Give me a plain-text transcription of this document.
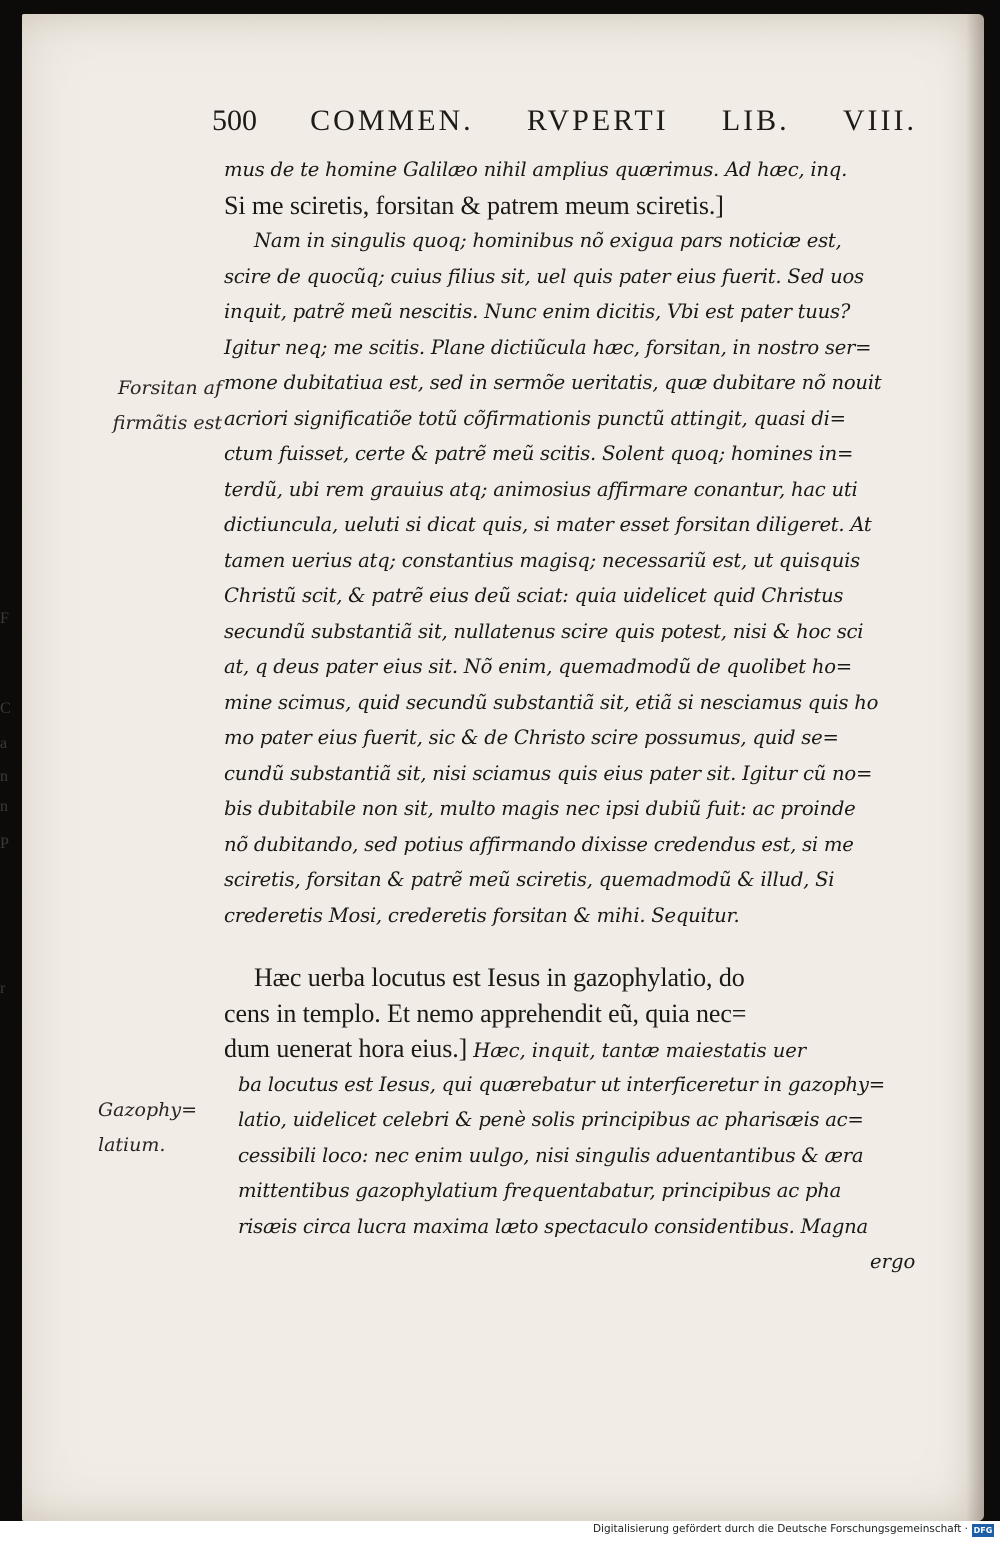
F
C
a
n
n
P
r
500 COMMEN. RVPERTI LIB. VIII.
mus de te homine Galilæo nihil amplius quærimus. Ad hæc, inq.
Si me sciretis, forsitan & patrem meum sciretis.]
Nam in singulis quoq; hominibus nõ exigua pars noticiæ est,
scire de quocũq; cuius filius sit, uel quis pater eius fuerit. Sed uos
inquit, patrẽ meũ nescitis. Nunc enim dicitis, Vbi est pater tuus?
Igitur neq; me scitis. Plane dictiũcula hæc, forsitan, in nostro ser=
mone dubitatiua est, sed in sermõe ueritatis, quæ dubitare nõ nouit
acriori significatiõe totũ cõfirmationis punctũ attingit, quasi di=
ctum fuisset, certe & patrẽ meũ scitis. Solent quoq; homines in=
terdũ, ubi rem grauius atq; animosius affirmare conantur, hac uti
dictiuncula, ueluti si dicat quis, si mater esset forsitan diligeret. At
tamen uerius atq; constantius magisq; necessariũ est, ut quisquis
Christũ scit, & patrẽ eius deũ sciat: quia uidelicet quid Christus
secundũ substantiã sit, nullatenus scire quis potest, nisi & hoc sci
at, q deus pater eius sit. Nõ enim, quemadmodũ de quolibet ho=
mine scimus, quid secundũ substantiã sit, etiã si nesciamus quis ho
mo pater eius fuerit, sic & de Christo scire possumus, quid se=
cundũ substantiã sit, nisi sciamus quis eius pater sit. Igitur cũ no=
bis dubitabile non sit, multo magis nec ipsi dubiũ fuit: ac proinde
nõ dubitando, sed potius affirmando dixisse credendus est, si me
sciretis, forsitan & patrẽ meũ sciretis, quemadmodũ & illud, Si
crederetis Mosi, crederetis forsitan & mihi. Sequitur.
Hæc uerba locutus est Iesus in gazophylatio, do
cens in templo. Et nemo apprehendit eũ, quia nec=
dum uenerat hora eius.] Hæc, inquit, tantæ maiestatis uer
ba locutus est Iesus, qui quærebatur ut interficeretur in gazophy=
latio, uidelicet celebri & penè solis principibus ac pharisæis ac=
cessibili loco: nec enim uulgo, nisi singulis aduentantibus & æra
mittentibus gazophylatium frequentabatur, principibus ac pha
risæis circa lucra maxima læto spectaculo considentibus. Magna
ergo
Forsitan af
firmãtis est
Gazophy=
latium.
Digitalisierung gefördert durch die Deutsche Forschungsgemeinschaft · DFG
